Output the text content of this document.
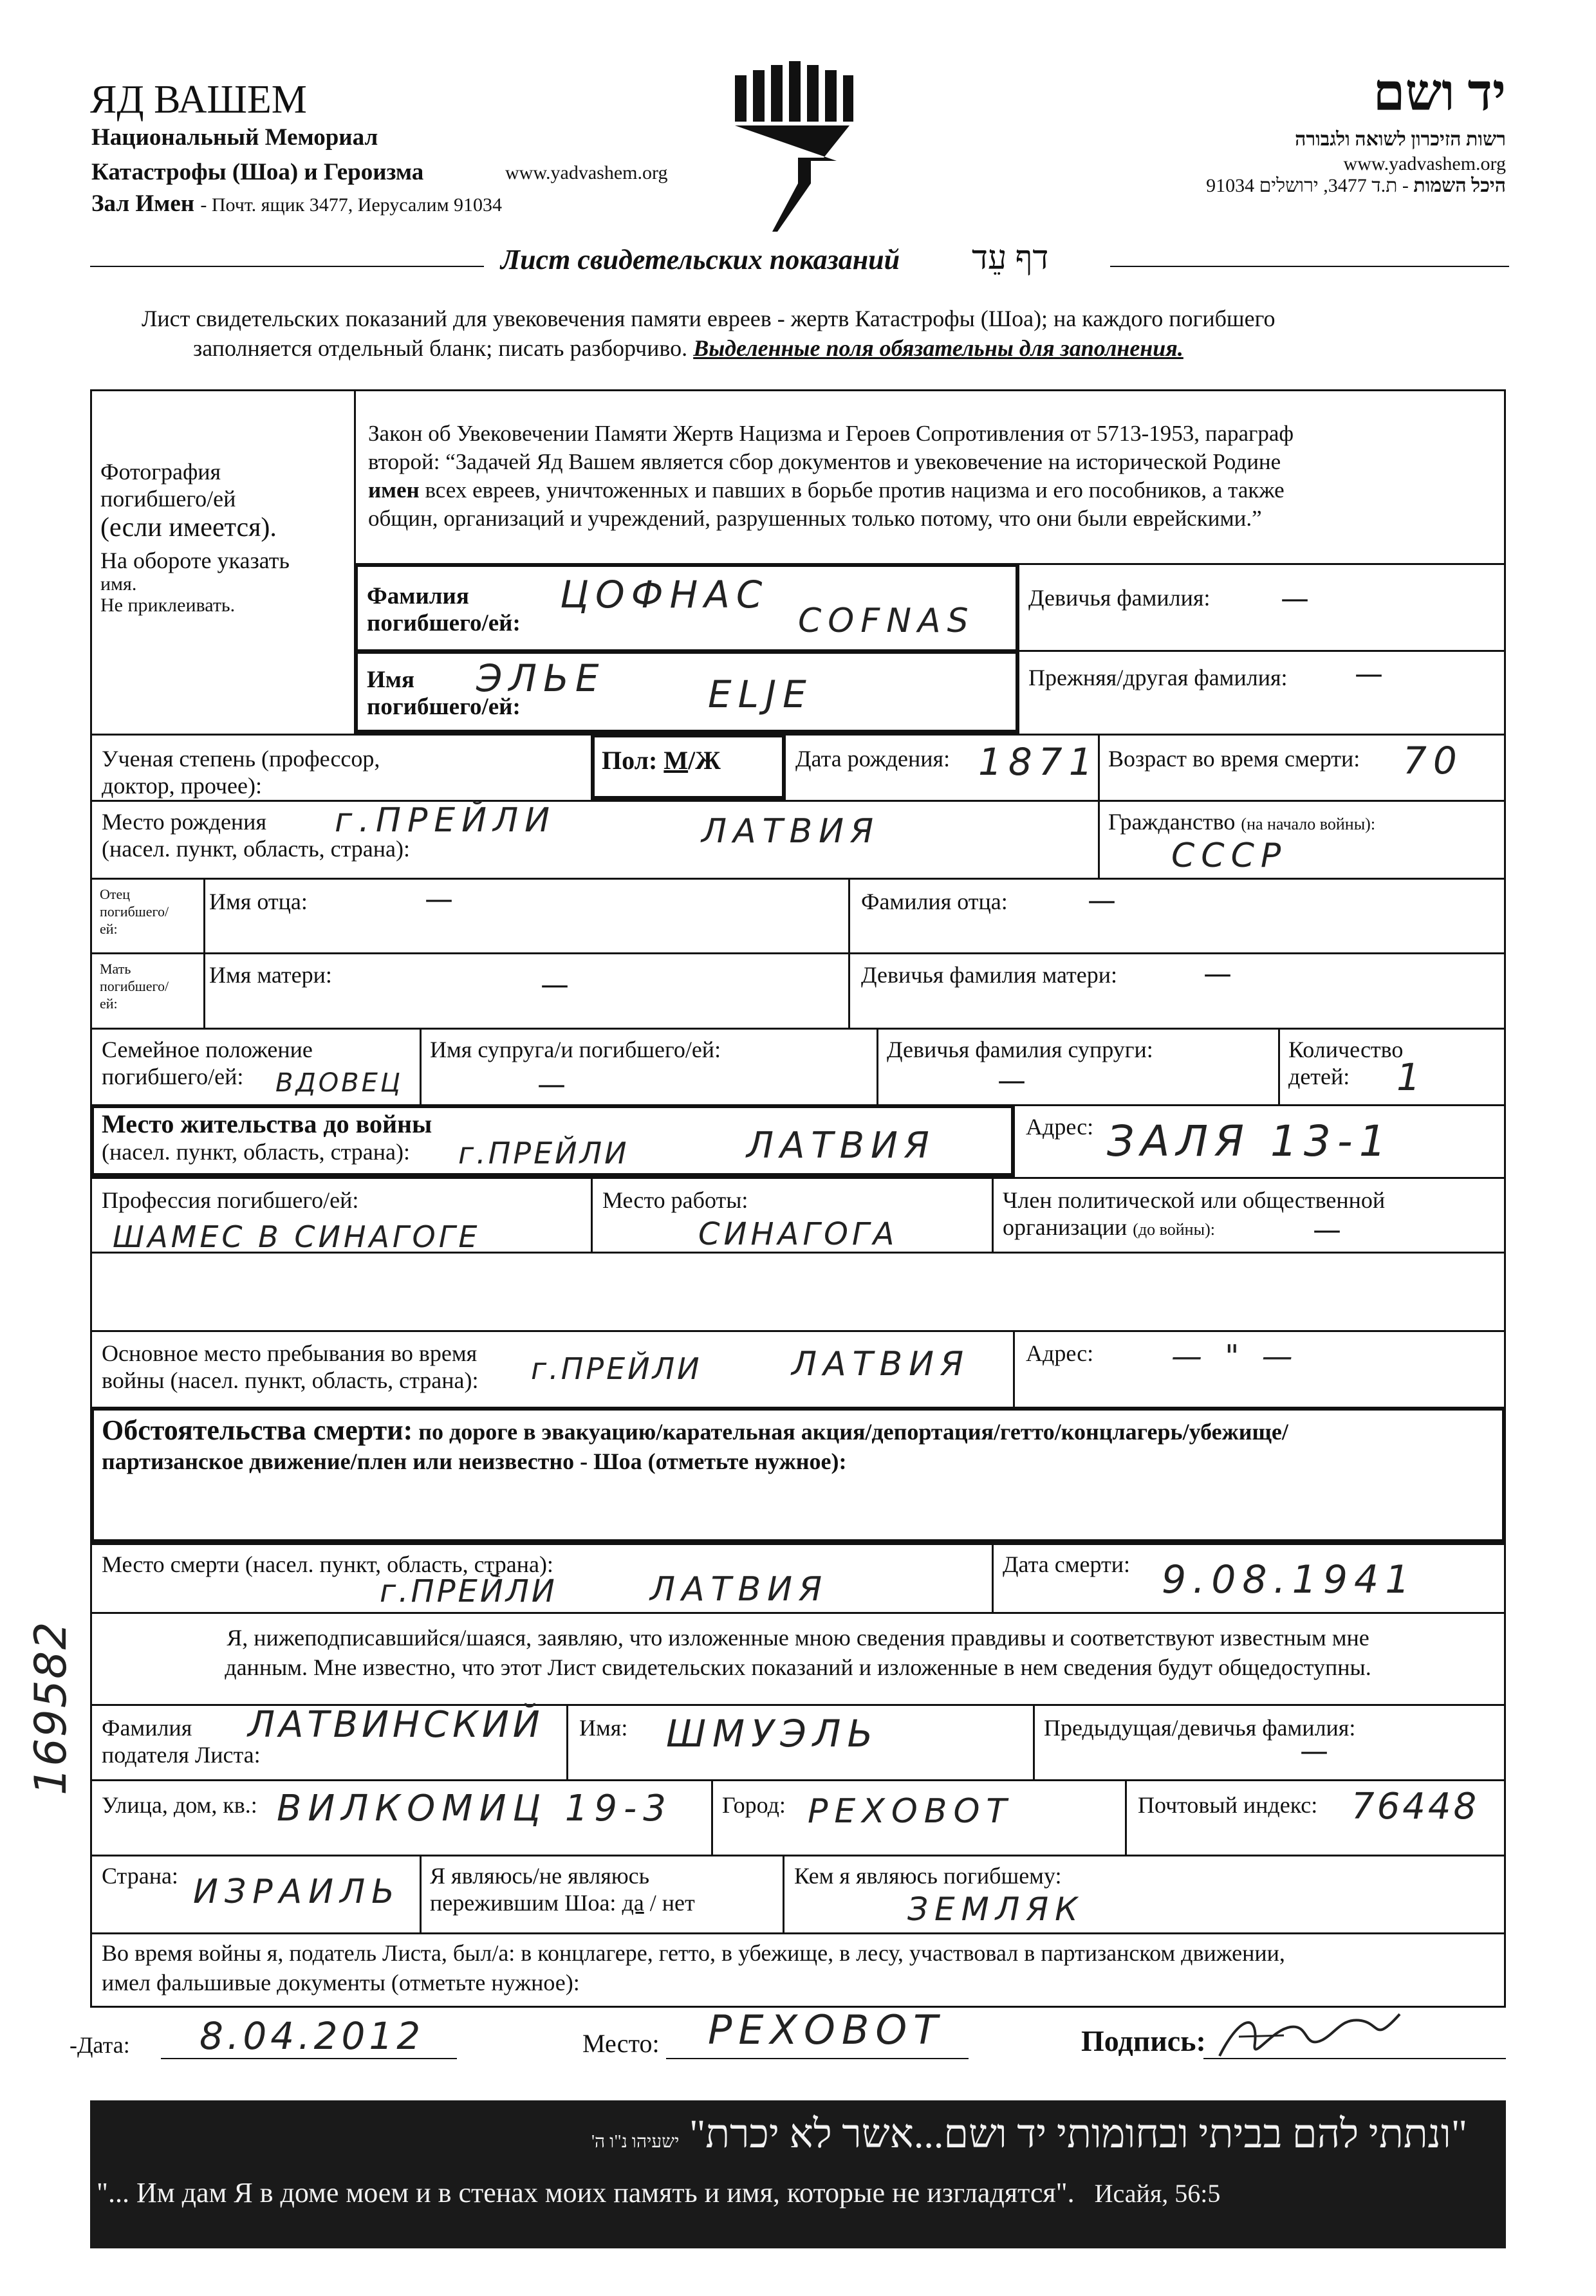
ЯД ВАШЕМ
Национальный Мемориал
Катастрофы (Шоа) и Героизма	www.yadvashem.org
Зал Имен - Почт. ящик 3477, Иерусалим 91034
יד ושם
רשות הזיכרון לשואה ולגבורה
www.yadvashem.org
היכל השמות - ת.ד 3477, ירושלים 91034
Лист свидетельских показаний דף עֵד
Лист свидетельских показаний для увековечения памяти евреев - жертв Катастрофы (Шоа); на каждого погибшего
заполняется отдельный бланк; писать разборчиво. Выделенные поля обязательны для заполнения.
Фотография
погибшего/ей
(если имеется).
На обороте указать
имя.
Не приклеивать.
Закон об Увековечении Памяти Жертв Нацизма и Героев Сопротивления от 5713-1953, параграф
второй: “Задачей Яд Вашем является сбор документов и увековечение на исторической Родине
имен всех евреев, уничтоженных и павших в борьбе против нацизма и его пособников, а также
общин, организаций и учреждений, разрушенных только потому, что они были еврейскими.”
Фамилия
погибшего/ей:
ЦОФНАС
COFNAS
Девичья фамилия: —
Имя
погибшего/ей:
ЭЛЬЕ	ELJE	Прежняя/другая фамилия: —
Ученая степень (профессор,
доктор, прочее):
Пол: М/Ж	Дата рождения: 1871 Возраст во время смерти: 70
Место рождения
(насел. пункт, область, страна):
г.ПРЕЙЛИ	ЛАТВИЯ	Гражданство (на начало войны):
СССР
Отец
погибшего/
ей:
Имя отца:	—	Фамилия отца:	—
Мать
погибшего/
ей:
Имя матери:	—	Девичья фамилия матери:	—
Семейное положение
погибшего/ей:	ВДОВЕЦ
Имя супруга/и погибшего/ей:
—
Девичья фамилия супруги:
—
Количество
детей:	1
Место жительства до войны
(насел. пункт, область, страна):	г.ПРЕЙЛИ	ЛАТВИЯ	Адрес: ЗАЛЯ 13-1
Профессия погибшего/ей:
ШАМЕС В СИНАГОГЕ
Место работы:
СИНАГОГА
Член политической или общественной
организации (до войны):	—
Основное место пребывания во время
войны (насел. пункт, область, страна): г.ПРЕЙЛИ	ЛАТВИЯ Адрес:	— " —
Обстоятельства смерти: по дороге в эвакуацию/карательная акция/депортация/гетто/концлагерь/убежище/
партизанское движение/плен или неизвестно - Шоа (отметьте нужное):
Место смерти (насел. пункт, область, страна):
г.ПРЕЙЛИ	ЛАТВИЯ
Дата смерти: 9.08.1941
Я, нижеподписавшийся/шаяся, заявляю, что изложенные мною сведения правдивы и соответствуют известным мне
данным. Мне известно, что этот Лист свидетельских показаний и изложенные в нем сведения будут общедоступны.
Фамилия
подателя Листа:
ЛАТВИНСКИЙ Имя: ШМУЭЛЬ	Предыдущая/девичья фамилия:
—
Улица, дом, кв.: ВИЛКОМИЦ 19-3 Город: РЕХОВОТ	Почтовый индекс: 76448
Страна: ИЗРАИЛЬ Я являюсь/не являюсь
пережившим Шоа: да / нет
Кем я являюсь погибшему:
ЗЕМЛЯК
Во время войны я, податель Листа, был/а: в концлагере, гетто, в убежище, в лесу, участвовал в партизанском движении,
имел фальшивые документы (отметьте нужное):
169582
-Дата: 8.04.2012	Место: РЕХОВОТ	Подпись:
"ונתתי להם בביתי ובחומותי יד ושם...אשר לא יכרת" ישעיהו נ"ו ה'
"... Им дам Я в доме моем и в стенах моих память и имя, которые не изгладятся". Исайя, 56:5
